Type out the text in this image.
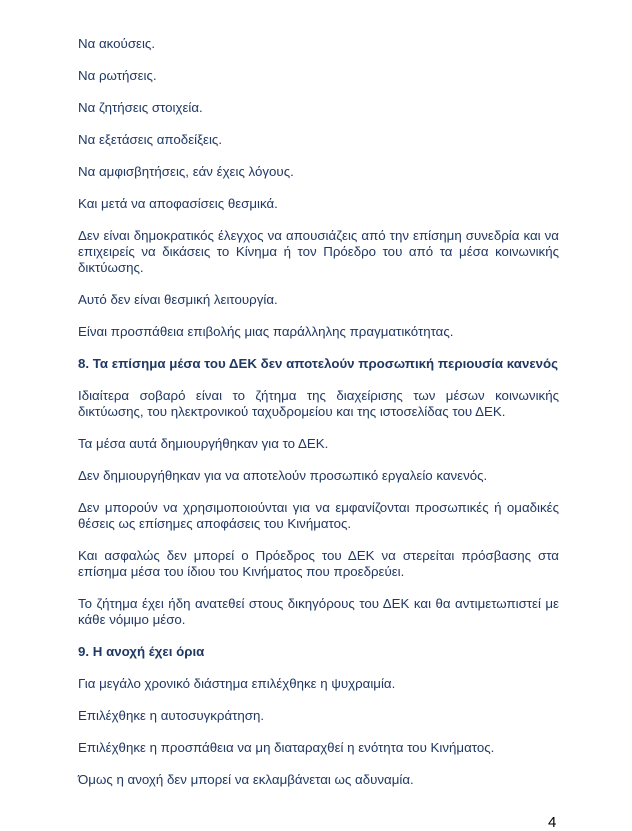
Να ακούσεις.

Να ρωτήσεις.

Να ζητήσεις στοιχεία.

Να εξετάσεις αποδείξεις.

Να αμφισβητήσεις, εάν έχεις λόγους.

Και μετά να αποφασίσεις θεσμικά.

Δεν είναι δημοκρατικός έλεγχος να απουσιάζεις από την επίσημη συνεδρία και να επιχειρείς να δικάσεις το Κίνημα ή τον Πρόεδρο του από τα μέσα κοινωνικής δικτύωσης.

Αυτό δεν είναι θεσμική λειτουργία.

Είναι προσπάθεια επιβολής μιας παράλληλης πραγματικότητας.

8. Τα επίσημα μέσα του ΔΕΚ δεν αποτελούν προσωπική περιουσία κανενός

Ιδιαίτερα σοβαρό είναι το ζήτημα της διαχείρισης των μέσων κοινωνικής δικτύωσης, του ηλεκτρονικού ταχυδρομείου και της ιστοσελίδας του ΔΕΚ.

Τα μέσα αυτά δημιουργήθηκαν για το ΔΕΚ.

Δεν δημιουργήθηκαν για να αποτελούν προσωπικό εργαλείο κανενός.

Δεν μπορούν να χρησιμοποιούνται για να εμφανίζονται προσωπικές ή ομαδικές θέσεις ως επίσημες αποφάσεις του Κινήματος.

Και ασφαλώς δεν μπορεί ο Πρόεδρος του ΔΕΚ να στερείται πρόσβασης στα επίσημα μέσα του ίδιου του Κινήματος που προεδρεύει.

Το ζήτημα έχει ήδη ανατεθεί στους δικηγόρους του ΔΕΚ και θα αντιμετωπιστεί με κάθε νόμιμο μέσο.

9. Η ανοχή έχει όρια

Για μεγάλο χρονικό διάστημα επιλέχθηκε η ψυχραιμία.

Επιλέχθηκε η αυτοσυγκράτηση.

Επιλέχθηκε η προσπάθεια να μη διαταραχθεί η ενότητα του Κινήματος.

Όμως η ανοχή δεν μπορεί να εκλαμβάνεται ως αδυναμία.

4
